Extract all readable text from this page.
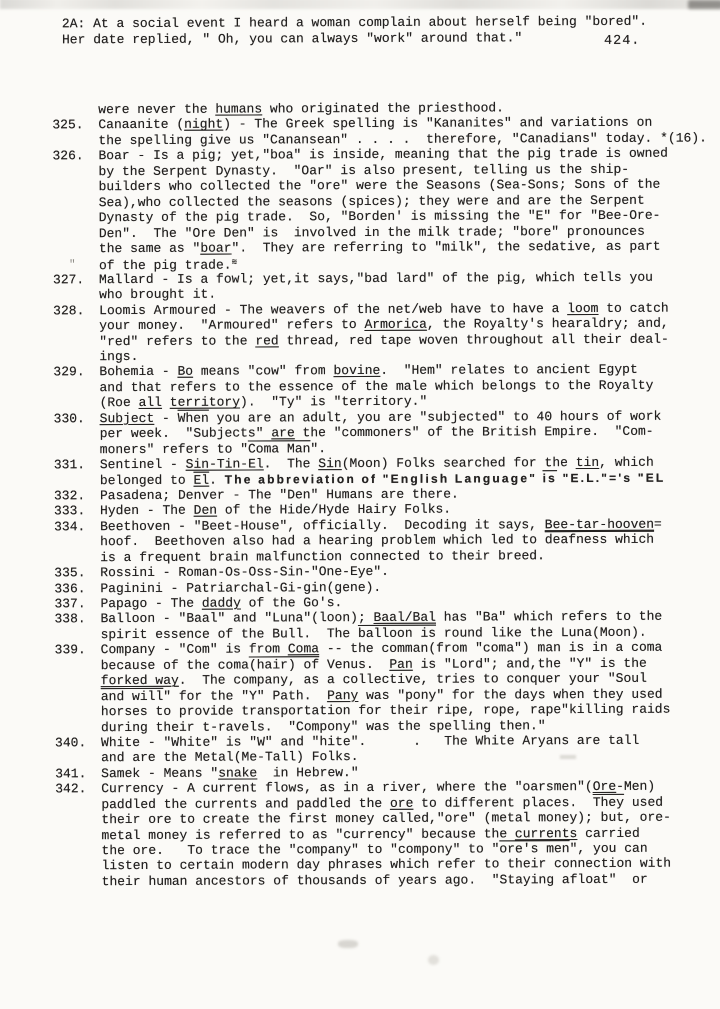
2A: At a social event I heard a woman complain about herself being "bored".
Her date replied, " Oh, you can always "work" around that."	424.
"
were never the humans who originated the priesthood.
325. Canaanite (night) - The Greek spelling is "Kananites" and variations on
the spelling give us "Canansean" . . . .  therefore, "Canadians" today. *(16).
326. Boar - Is a pig; yet,"boa" is inside, meaning that the pig trade is owned
by the Serpent Dynasty.  "Oar" is also present, telling us the ship-
builders who collected the "ore" were the Seasons (Sea-Sons; Sons of the
Sea),who collected the seasons (spices); they were and are the Serpent
Dynasty of the pig trade.  So, "Borden' is missing the "E" for "Bee-Ore-
Den".  The "Ore Den" is  involved in the milk trade; "bore" pronounces
the same as "boar".  They are referring to "milk", the sedative, as part
of the pig trade.≋
327. Mallard - Is a fowl; yet,it says,"bad lard" of the pig, which tells you
who brought it.
328. Loomis Armoured - The weavers of the net/web have to have a loom to catch
your money.  "Armoured" refers to Armorica, the Royalty's hearaldry; and,
"red" refers to the red thread, red tape woven throughout all their deal-
ings.
329. Bohemia - Bo means "cow" from bovine.  "Hem" relates to ancient Egypt
and that refers to the essence of the male which belongs to the Royalty
(Roe all territory).  "Ty" is "territory."
330. Subject - When you are an adult, you are "subjected" to 40 hours of work
per week.  "Subjects" are the "commoners" of the British Empire.  "Com-
moners" refers to "Coma Man".
331. Sentinel - Sin-Tin-El.  The Sin(Moon) Folks searched for the tin, which
belonged to El. The abbreviation of "English Language" $\overline{is}$ "E.L."='s "EL
332. Pasadena; Denver - The "Den" Humans are there.
333. Hyden - The Den of the Hide/Hyde Hairy Folks.
334. Beethoven - "Beet-House", officially.  Decoding it says, Bee-tar-hooven=
hoof.  Beethoven also had a hearing problem which led to deafness which
is a frequent brain malfunction connected to their breed.
335. Rossini - Roman-Os-Oss-Sin-"One-Eye".
336. Paginini - Patriarchal-Gi-gin(gene).
337. Papago - The daddy of the Go's.
338. Balloon - "Baal" and "Luna"(loon); Baal/Bal has "Ba" which refers to the
spirit essence of the Bull.  The balloon is round like the Luna(Moon).
339. Company - "Com" is from Coma -- the comman(from "coma") man is in a coma
because of the coma(hair) of Venus.  Pan is "Lord"; and,the "Y" is the
forked way.  The company, as a collective, tries to conquer your "Soul
and will" for the "Y" Path.  Pany was "pony" for the days when they used
horses to provide transportation for their ripe, rope, rape"killing raids
during their t-ravels.  "Compony" was the spelling then."
340. White - "White" is "W" and "hite".      .   The White Aryans are tall
and are the Metal(Me-Tall) Folks.
341. Samek - Means "snake  in Hebrew."
342. Currency - A current flows, as in a river, where the "oarsmen"(Ore-Men)
paddled the currents and paddled the ore to different places.  They used
their ore to create the first money called,"ore" (metal money); but, ore-
metal money is referred to as "currency" because the currents carried
the ore.   To trace the "company" to "compony" to "ore's men", you can
listen to certain modern day phrases which refer to their connection with
their human ancestors of thousands of years ago.  "Staying afloat"  or
